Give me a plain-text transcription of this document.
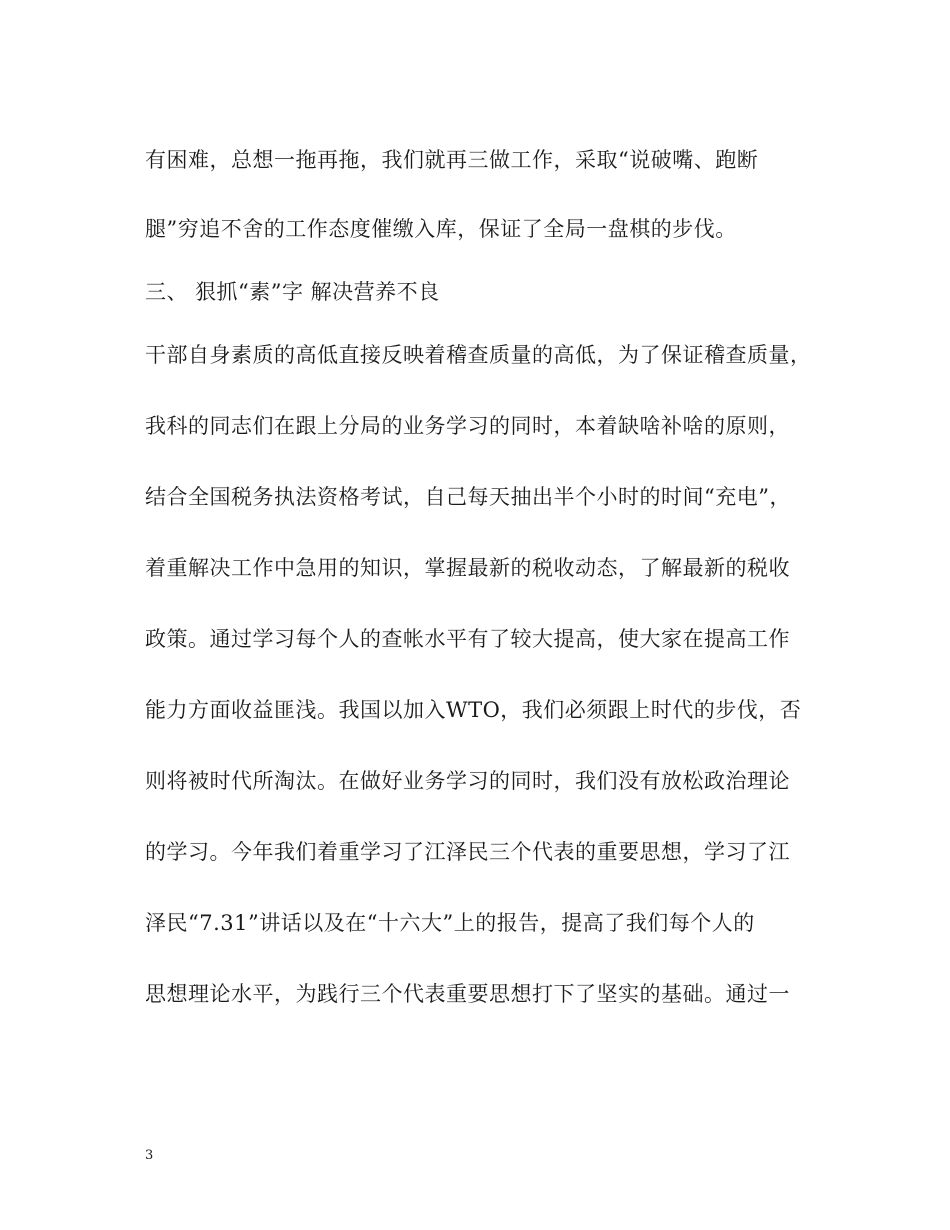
有困难，总想一拖再拖，我们就再三做工作，采取“说破嘴、跑断
腿”穷追不舍的工作态度催缴入库，保证了全局一盘棋的步伐。
三、 狠抓“素”字 解决营养不良
干部自身素质的高低直接反映着稽查质量的高低，为了保证稽查质量，
我科的同志们在跟上分局的业务学习的同时，本着缺啥补啥的原则，
结合全国税务执法资格考试，自己每天抽出半个小时的时间“充电”，
着重解决工作中急用的知识，掌握最新的税收动态，了解最新的税收
政策。通过学习每个人的查帐水平有了较大提高，使大家在提高工作
能力方面收益匪浅。我国以加入WTO，我们必须跟上时代的步伐，否
则将被时代所淘汰。在做好业务学习的同时，我们没有放松政治理论
的学习。今年我们着重学习了江泽民三个代表的重要思想，学习了江
泽民“7.31”讲话以及在“十六大”上的报告，提高了我们每个人的
思想理论水平，为践行三个代表重要思想打下了坚实的基础。通过一
3
